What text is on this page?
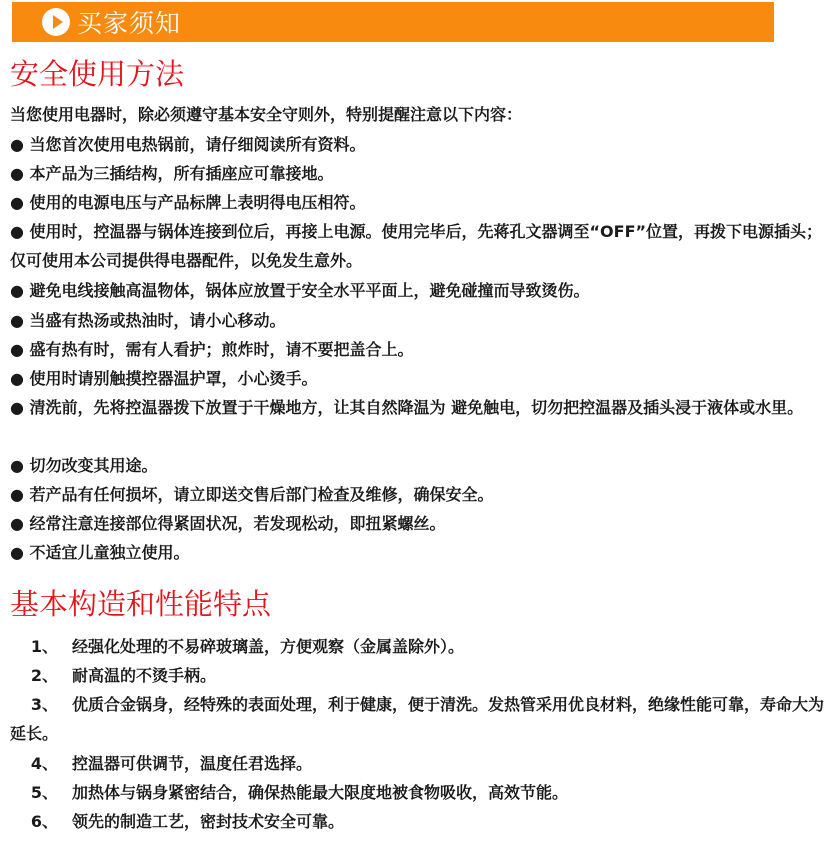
买家须知
安全使用方法
当您使用电器时，除必须遵守基本安全守则外，特别提醒注意以下内容：
● 当您首次使用电热锅前，请仔细阅读所有资料。
● 本产品为三插结构，所有插座应可靠接地。
● 使用的电源电压与产品标牌上表明得电压相符。
● 使用时，控温器与锅体连接到位后，再接上电源。使用完毕后，先蒋孔文器调至“OFF”位置，再拨下电源插头；仅可使用本公司提供得电器配件，以免发生意外。
● 避免电线接触高温物体，锅体应放置于安全水平平面上，避免碰撞而导致烫伤。
● 当盛有热汤或热油时，请小心移动。
● 盛有热有时，需有人看护；煎炸时，请不要把盖合上。
● 使用时请别触摸控器温护罩，小心烫手。
● 清洗前，先将控温器拨下放置于干燥地方，让其自然降温为 避免触电，切勿把控温器及插头浸于液体或水里。
● 切勿改变其用途。
● 若产品有任何损坏，请立即送交售后部门检查及维修，确保安全。
● 经常注意连接部位得紧固状况，若发现松动，即扭紧螺丝。
● 不适宜儿童独立使用。
基本构造和性能特点
1、 经强化处理的不易碎玻璃盖，方便观察（金属盖除外）。
2、 耐高温的不烫手柄。
3、 优质合金锅身，经特殊的表面处理，利于健康，便于清洗。发热管采用优良材料，绝缘性能可靠，寿命大为延长。
4、 控温器可供调节，温度任君选择。
5、 加热体与锅身紧密结合，确保热能最大限度地被食物吸收，高效节能。
6、 领先的制造工艺，密封技术安全可靠。
